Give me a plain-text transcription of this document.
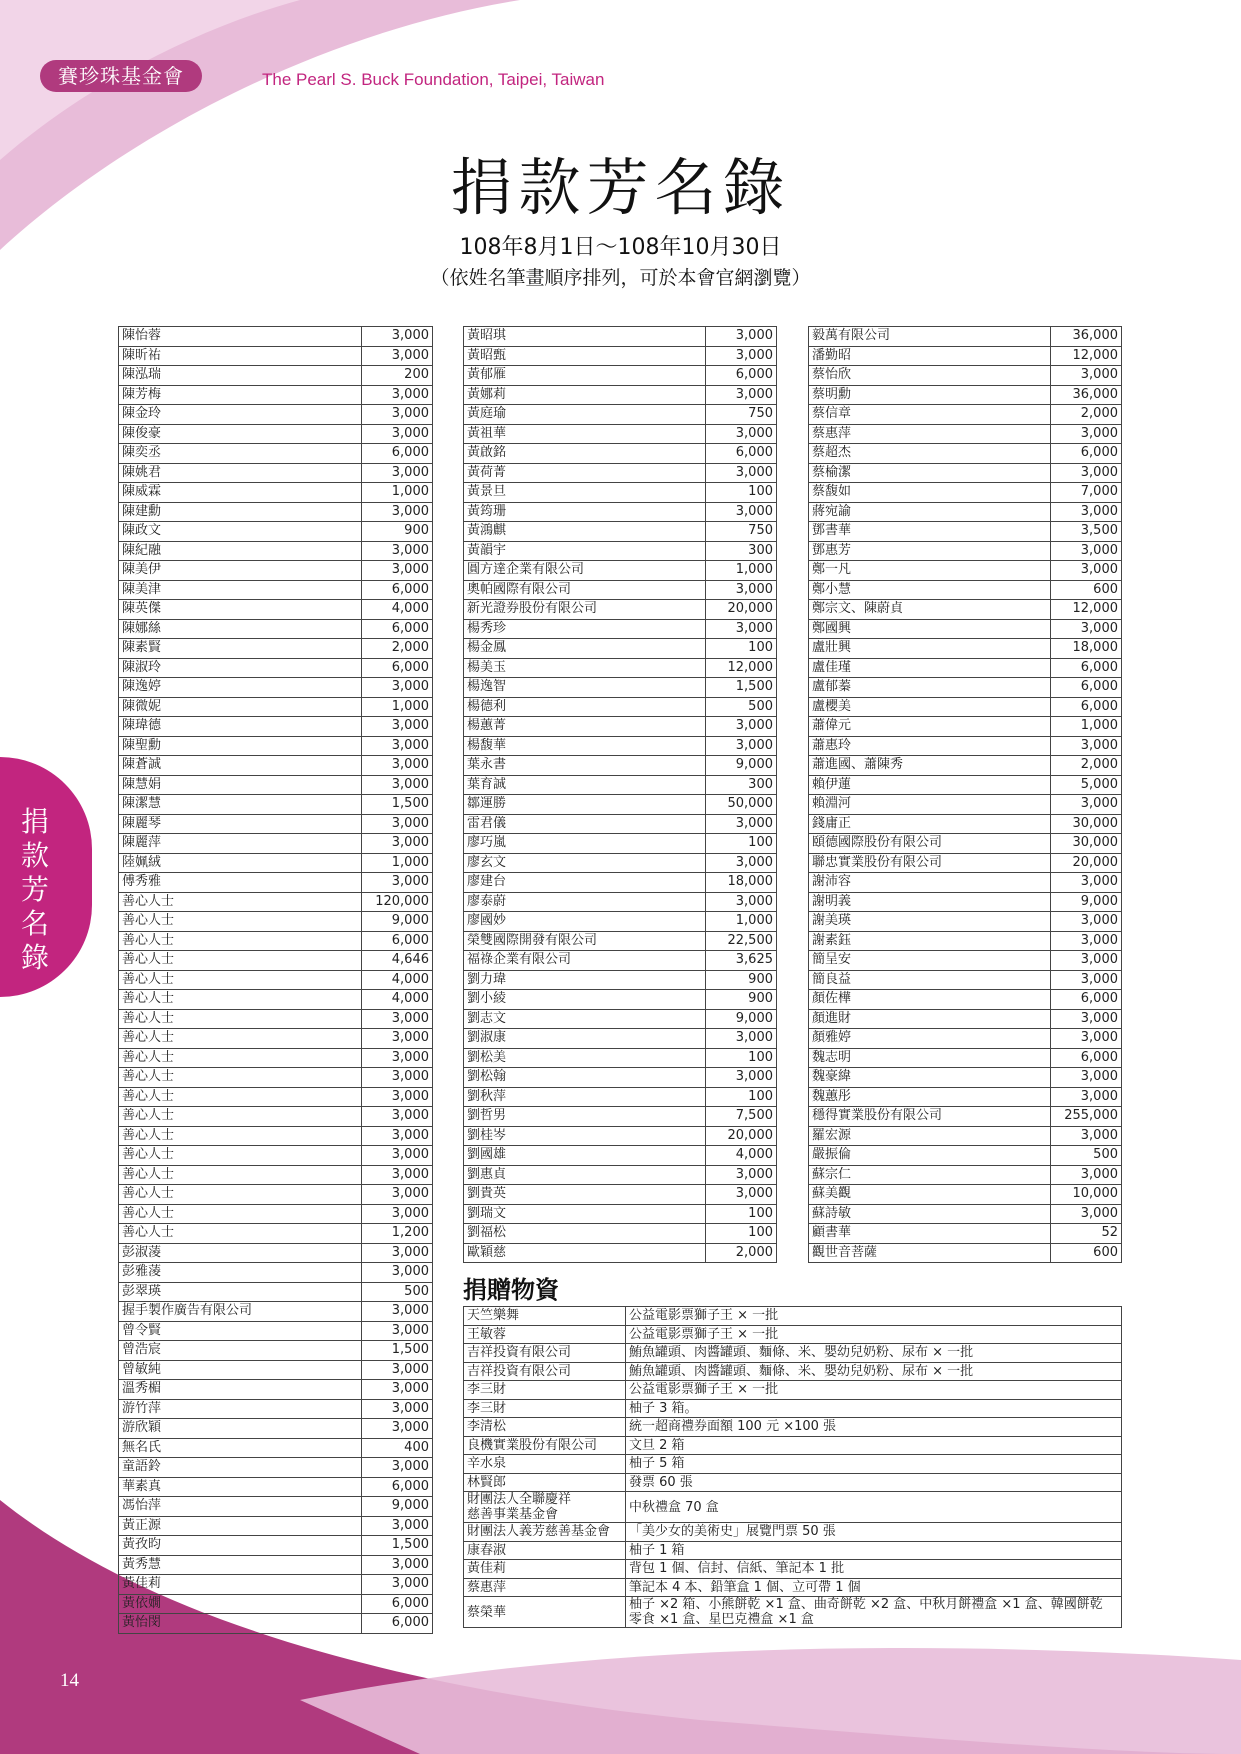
賽珍珠基金會	The Pearl S. Buck Foundation, Taipei, Taiwan
捐款芳名錄
108年8月1日～108年10月30日
（依姓名筆畫順序排列，可於本會官網瀏覽）
捐
款
芳
名
錄
陳怡蓉	3,000
陳昕祐	3,000
陳泓瑞	200
陳芳梅	3,000
陳金玲	3,000
陳俊豪	3,000
陳奕丞	6,000
陳姚君	3,000
陳威霖	1,000
陳建勳	3,000
陳政文	900
陳紀融	3,000
陳美伊	3,000
陳美津	6,000
陳英傑	4,000
陳娜絲	6,000
陳素賢	2,000
陳淑玲	6,000
陳逸婷	3,000
陳微妮	1,000
陳瑋德	3,000
陳聖勳	3,000
陳蒼誠	3,000
陳慧娟	3,000
陳潔慧	1,500
陳麗琴	3,000
陳麗萍	3,000
陸姵絨	1,000
傅秀雅	3,000
善心人士	120,000
善心人士	9,000
善心人士	6,000
善心人士	4,646
善心人士	4,000
善心人士	4,000
善心人士	3,000
善心人士	3,000
善心人士	3,000
善心人士	3,000
善心人士	3,000
善心人士	3,000
善心人士	3,000
善心人士	3,000
善心人士	3,000
善心人士	3,000
善心人士	3,000
善心人士	1,200
彭淑蓤	3,000
彭雅蓤	3,000
彭翠瑛	500
握手製作廣告有限公司	3,000
曾令賢	3,000
曾浩宸	1,500
曾敏純	3,000
溫秀楣	3,000
游竹萍	3,000
游欣穎	3,000
無名氏	400
童語鈴	3,000
華素真	6,000
馮怡萍	9,000
黃正源	3,000
黃孜昀	1,500
黃秀慧	3,000
黃佳莉	3,000
黃依嫺	6,000
黃怡閔	6,000
黃昭琪	3,000
黃昭甄	3,000
黃郁雁	6,000
黃娜莉	3,000
黃庭瑜	750
黃祖華	3,000
黃啟銘	6,000
黃荷菁	3,000
黃景旦	100
黃筠珊	3,000
黃鴻麒	750
黃韻宇	300
圓方達企業有限公司	1,000
奧帕國際有限公司	3,000
新光證券股份有限公司	20,000
楊秀珍	3,000
楊金鳳	100
楊美玉	12,000
楊逸智	1,500
楊德利	500
楊蕙菁	3,000
楊馥華	3,000
葉永書	9,000
葉育誠	300
鄒運勝	50,000
雷君儀	3,000
廖巧嵐	100
廖玄文	3,000
廖建台	18,000
廖泰蔚	3,000
廖國妙	1,000
榮雙國際開發有限公司	22,500
福祿企業有限公司	3,625
劉力瑋	900
劉小綾	900
劉志文	9,000
劉淑康	3,000
劉松美	100
劉松翰	3,000
劉秋萍	100
劉哲男	7,500
劉桂岑	20,000
劉國雄	4,000
劉惠貞	3,000
劉貴英	3,000
劉瑞文	100
劉福松	100
歐穎慈	2,000
毅萬有限公司	36,000
潘勤昭	12,000
蔡怡欣	3,000
蔡明勳	36,000
蔡信章	2,000
蔡惠萍	3,000
蔡超杰	6,000
蔡榆潔	3,000
蔡馥如	7,000
蔣宛諭	3,000
鄧書華	3,500
鄧惠芳	3,000
鄭一凡	3,000
鄭小慧	600
鄭宗文、陳蔚貞	12,000
鄭國興	3,000
盧壯興	18,000
盧佳瑾	6,000
盧郁蓁	6,000
盧櫻美	6,000
蕭偉元	1,000
蕭惠玲	3,000
蕭進國、蕭陳秀	2,000
賴伊蓮	5,000
賴淵河	3,000
錢庸正	30,000
頤德國際股份有限公司	30,000
聯忠實業股份有限公司	20,000
謝沛容	3,000
謝明義	9,000
謝美瑛	3,000
謝素鈺	3,000
簡呈安	3,000
簡良益	3,000
顏佐樺	6,000
顏進財	3,000
顏雅婷	3,000
魏志明	6,000
魏豪緯	3,000
魏蕙彤	3,000
穩得實業股份有限公司	255,000
羅宏源	3,000
嚴振倫	500
蘇宗仁	3,000
蘇美觀	10,000
蘇詩敏	3,000
顧書華	52
觀世音菩薩	600
捐贈物資
天竺樂舞	公益電影票獅子王 × 一批
王敏蓉	公益電影票獅子王 × 一批
吉祥投資有限公司	鮪魚罐頭、肉醬罐頭、麵條、米、嬰幼兒奶粉、尿布 × 一批
吉祥投資有限公司	鮪魚罐頭、肉醬罐頭、麵條、米、嬰幼兒奶粉、尿布 × 一批
李三財	公益電影票獅子王 × 一批
李三財	柚子 3 箱。
李清松	統一超商禮券面額 100 元 ×100 張
良機實業股份有限公司	文旦 2 箱
辛水泉	柚子 5 箱
林賢郎	發票 60 張
財團法人全聯慶祥
慈善事業基金會	中秋禮盒 70 盒
財團法人義芳慈善基金會	「美少女的美術史」展覽門票 50 張
康春淑	柚子 1 箱
黃佳莉	背包 1 個、信封、信紙、筆記本 1 批
蔡惠萍	筆記本 4 本、鉛筆盒 1 個、立可帶 1 個
蔡榮華	柚子 ×2 箱、小熊餅乾 ×1 盒、曲奇餅乾 ×2 盒、中秋月餅禮盒 ×1 盒、韓國餅乾
零食 ×1 盒、星巴克禮盒 ×1 盒
14
